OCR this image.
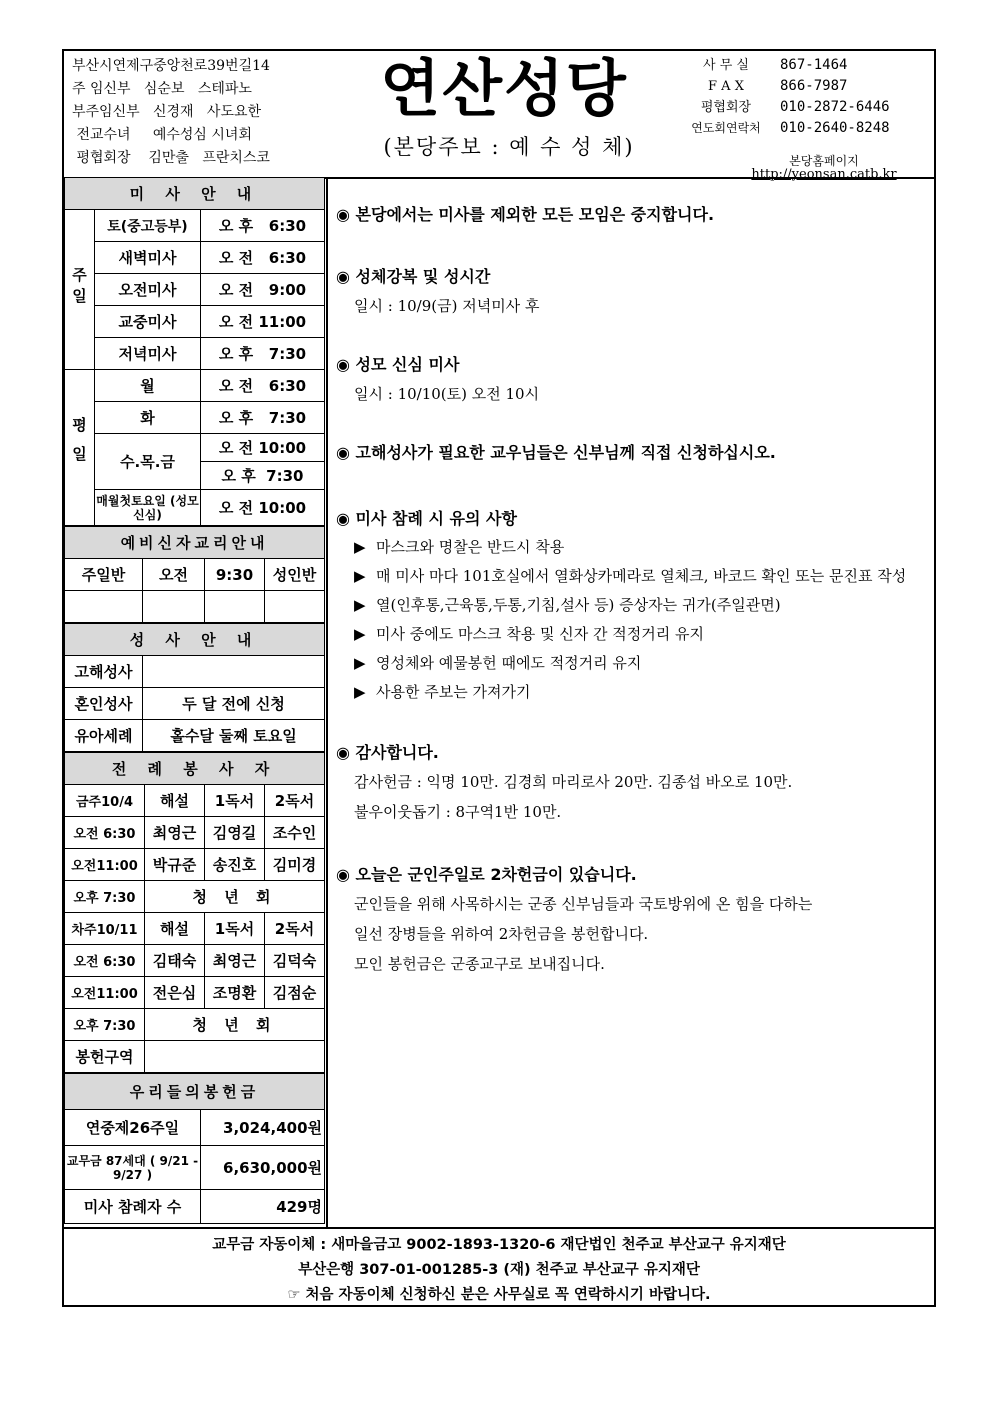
부산시연제구중앙천로39번길14
주 임신부 심순보 스테파노
부주임신부 신경재 사도요한
전교수녀 예수성심 시녀회
평협회장 김만출 프란치스코
연산성당
(본당주보 : 예 수 성 체)
사 무 실	867-1464
F A X	866-7987
평협회장	010-2872-6446
연도회연락처	010-2640-8248
본당홈페이지
http://yeonsan.catb.kr
미 사 안 내		
주일	토(중고등부)	오 후 6:30
	새벽미사	오 전 6:30
	오전미사	오 전 9:00
	교중미사	오 전 11:00
	저녁미사	오 후 7:30
평일	월	오 전 6:30
	화	오 후 7:30
	수.목.금	오 전 10:00
		오 후  7:30
	매월첫토요일 (성모신심)	오 전 10:00
예비신자교리안내			
주일반	오전	9:30	성인반

성 사 안 내	
고해성사	
혼인성사	두 달 전에 신청
유아세례	홀수달 둘째 토요일
전 례 봉 사 자			
금주10/4	해설	1독서	2독서
오전 6:30	최영근	김영길	조수인
오전11:00	박규준	송진호	김미경
오후 7:30	청 년 회		
차주10/11	해설	1독서	2독서
오전 6:30	김태숙	최영근	김덕숙
오전11:00	전은심	조명환	김점순
오후 7:30	청 년 회		
봉헌구역			
우리들의봉헌금	
연중제26주일	3,024,400원
교무금 87세대 ( 9/21 - 9/27 )	6,630,000원
미사 참례자 수	429명
◉ 본당에서는 미사를 제외한 모든 모임은 중지합니다.
◉ 성체강복 및 성시간
일시 : 10/9(금) 저녁미사 후
◉ 성모 신심 미사
일시 : 10/10(토) 오전 10시
◉ 고해성사가 필요한 교우님들은 신부님께 직접 신청하십시오.
◉ 미사 참례 시 유의 사항
▶ 마스크와 명찰은 반드시 착용
▶ 매 미사 마다 101호실에서 열화상카메라로 열체크, 바코드 확인 또는 문진표 작성
▶ 열(인후통,근육통,두통,기침,설사 등) 증상자는 귀가(주일관면)
▶ 미사 중에도 마스크 착용 및 신자 간 적정거리 유지
▶ 영성체와 예물봉헌 때에도 적정거리 유지
▶ 사용한 주보는 가져가기
◉ 감사합니다.
감사헌금 : 익명 10만. 김경희 마리로사 20만. 김종섭 바오로 10만.
불우이웃돕기 : 8구역1반 10만.
◉ 오늘은 군인주일로 2차헌금이 있습니다.
군인들을 위해 사목하시는 군종 신부님들과 국토방위에 온 힘을 다하는
일선 장병들을 위하여 2차헌금을 봉헌합니다.
모인 봉헌금은 군종교구로 보내집니다.
교무금 자동이체 : 새마을금고 9002-1893-1320-6 재단법인 천주교 부산교구 유지재단
부산은행 307-01-001285-3 (재) 천주교 부산교구 유지재단
☞ 처음 자동이체 신청하신 분은 사무실로 꼭 연락하시기 바랍니다.
